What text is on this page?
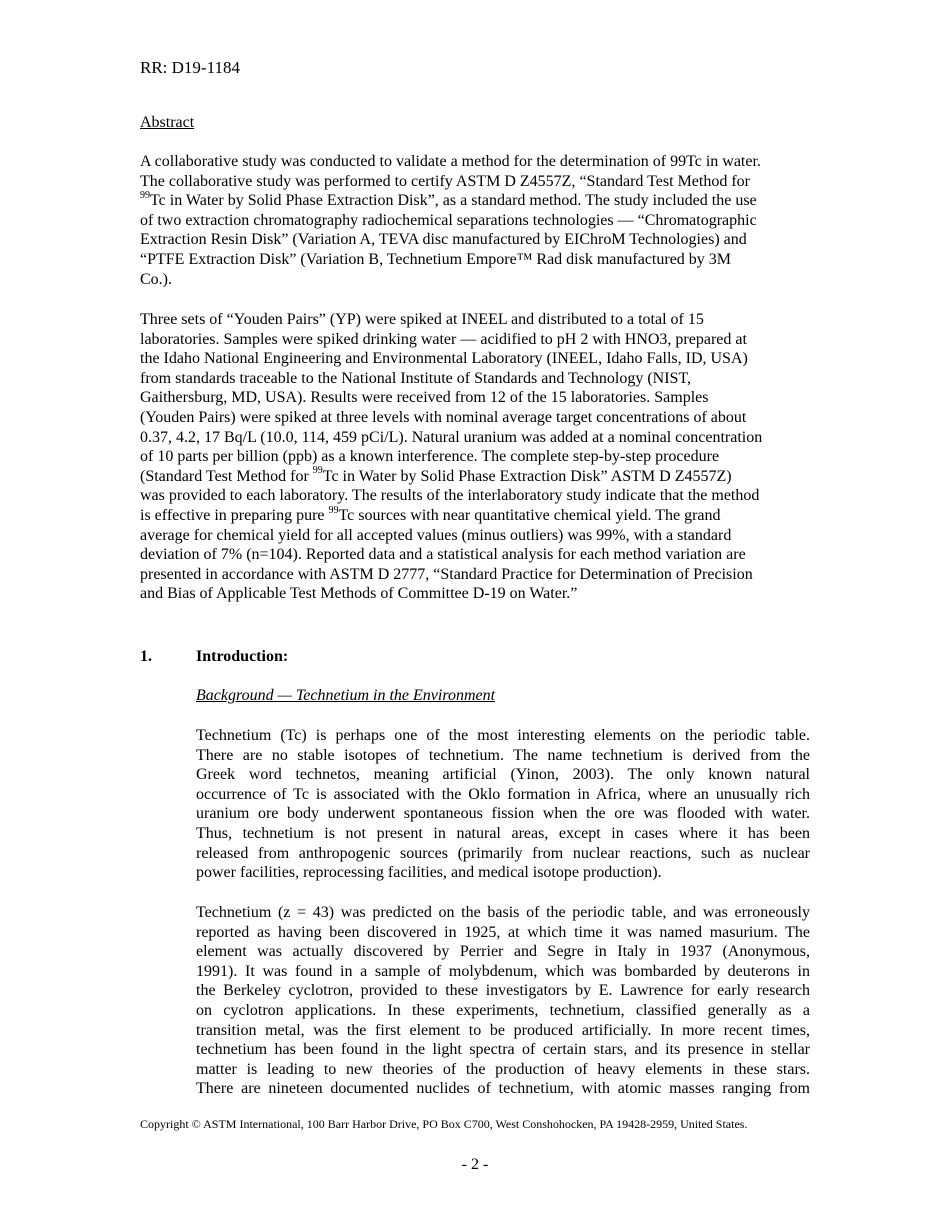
RR: D19-1184
Abstract
A collaborative study was conducted to validate a method for the determination of 99Tc in water.
The collaborative study was performed to certify ASTM D Z4557Z, “Standard Test Method for
$^{99}$Tc in Water by Solid Phase Extraction Disk”, as a standard method. The study included the use
of two extraction chromatography radiochemical separations technologies — “Chromatographic
Extraction Resin Disk” (Variation A, TEVA disc manufactured by EIChroM Technologies) and
“PTFE Extraction Disk” (Variation B, Technetium Empore™ Rad disk manufactured by 3M
Co.).
Three sets of “Youden Pairs” (YP) were spiked at INEEL and distributed to a total of 15
laboratories. Samples were spiked drinking water — acidified to pH 2 with HNO3, prepared at
the Idaho National Engineering and Environmental Laboratory (INEEL, Idaho Falls, ID, USA)
from standards traceable to the National Institute of Standards and Technology (NIST,
Gaithersburg, MD, USA). Results were received from 12 of the 15 laboratories. Samples
(Youden Pairs) were spiked at three levels with nominal average target concentrations of about
0.37, 4.2, 17 Bq/L (10.0, 114, 459 pCi/L). Natural uranium was added at a nominal concentration
of 10 parts per billion (ppb) as a known interference. The complete step-by-step procedure
(Standard Test Method for $^{99}$Tc in Water by Solid Phase Extraction Disk” ASTM D Z4557Z)
was provided to each laboratory. The results of the interlaboratory study indicate that the method
is effective in preparing pure $^{99}$Tc sources with near quantitative chemical yield. The grand
average for chemical yield for all accepted values (minus outliers) was 99%, with a standard
deviation of 7% (n=104). Reported data and a statistical analysis for each method variation are
presented in accordance with ASTM D 2777, “Standard Practice for Determination of Precision
and Bias of Applicable Test Methods of Committee D-19 on Water.”
1.	Introduction:
Background — Technetium in the Environment
Technetium (Tc) is perhaps one of the most interesting elements on the periodic table.
There are no stable isotopes of technetium. The name technetium is derived from the
Greek word technetos, meaning artificial (Yinon, 2003). The only known natural
occurrence of Tc is associated with the Oklo formation in Africa, where an unusually rich
uranium ore body underwent spontaneous fission when the ore was flooded with water.
Thus, technetium is not present in natural areas, except in cases where it has been
released from anthropogenic sources (primarily from nuclear reactions, such as nuclear
power facilities, reprocessing facilities, and medical isotope production).
Technetium (z = 43) was predicted on the basis of the periodic table, and was erroneously
reported as having been discovered in 1925, at which time it was named masurium. The
element was actually discovered by Perrier and Segre in Italy in 1937 (Anonymous,
1991). It was found in a sample of molybdenum, which was bombarded by deuterons in
the Berkeley cyclotron, provided to these investigators by E. Lawrence for early research
on cyclotron applications. In these experiments, technetium, classified generally as a
transition metal, was the first element to be produced artificially. In more recent times,
technetium has been found in the light spectra of certain stars, and its presence in stellar
matter is leading to new theories of the production of heavy elements in these stars.
There are nineteen documented nuclides of technetium, with atomic masses ranging from
Copyright © ASTM International, 100 Barr Harbor Drive, PO Box C700, West Conshohocken, PA 19428-2959, United States.
- 2 -
